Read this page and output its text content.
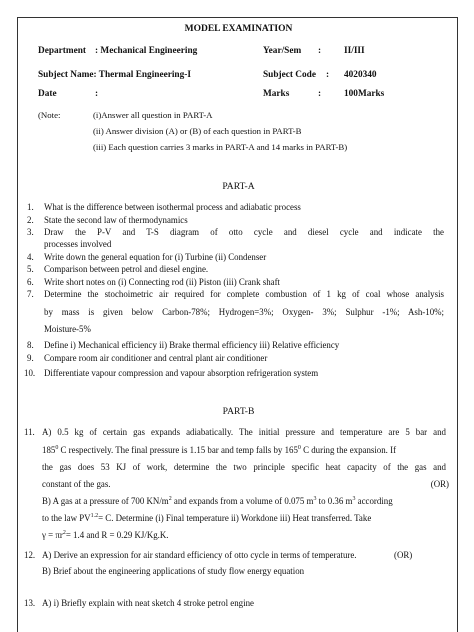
MODEL EXAMINATION
Department : Mechanical Engineering	Year/Sem : II/III
Subject Name: Thermal Engineering-I	Subject Code : 4020340
Date	:	Marks	: 100Marks
(Note:	(i)Answer all question in PART-A
(ii) Answer division (A) or (B) of each question in PART-B
(iii) Each question carries 3 marks in PART-A and 14 marks in PART-B)
PART-A
1. What is the difference between isothermal process and adiabatic process
2. State the second law of thermodynamics
3. Draw the P-V and T-S diagram of otto cycle and diesel cycle and indicate the
processes involved
4. Write down the general equation for (i) Turbine (ii) Condenser
5. Comparison between petrol and diesel engine.
6. Write short notes on (i) Connecting rod (ii) Piston (iii) Crank shaft
7. Determine the stochoimetric air required for complete combustion of 1 kg of coal whose analysis
by mass is given below Carbon-78%; Hydrogen=3%; Oxygen- 3%; Sulphur -1%; Ash-10%;
Moisture-5%
8. Define i) Mechanical efficiency ii) Brake thermal efficiency iii) Relative efficiency
9. Compare room air conditioner and central plant air conditioner
10. Differentiate vapour compression and vapour absorption refrigeration system
PART-B
11. A) 0.5 kg of certain gas expands adiabatically. The initial pressure and temperature are 5 bar and
$185^0$ C respectively. The final pressure is 1.15 bar and temp falls by $165^0$ C during the expansion. If
the gas does 53 KJ of work, determine the two principle specific heat capacity of the gas and
constant of the gas.	(OR)
B) A gas at a pressure of 700 $KN/m^2$ and expands from a volume of 0.075 $m^3$ to 0.36 $m^3$ according
to the law $PV^{1.2}= C$. Determine (i) Final temperature ii) Workdone iii) Heat transferred. Take
$\gamma = \pi r^2= 1.4$ and R = 0.29 KJ/Kg.K.
12. A) Derive an expression for air standard efficiency of otto cycle in terms of temperature.	(OR)
B) Brief about the engineering applications of study flow energy equation
13. A) i) Briefly explain with neat sketch 4 stroke petrol engine
